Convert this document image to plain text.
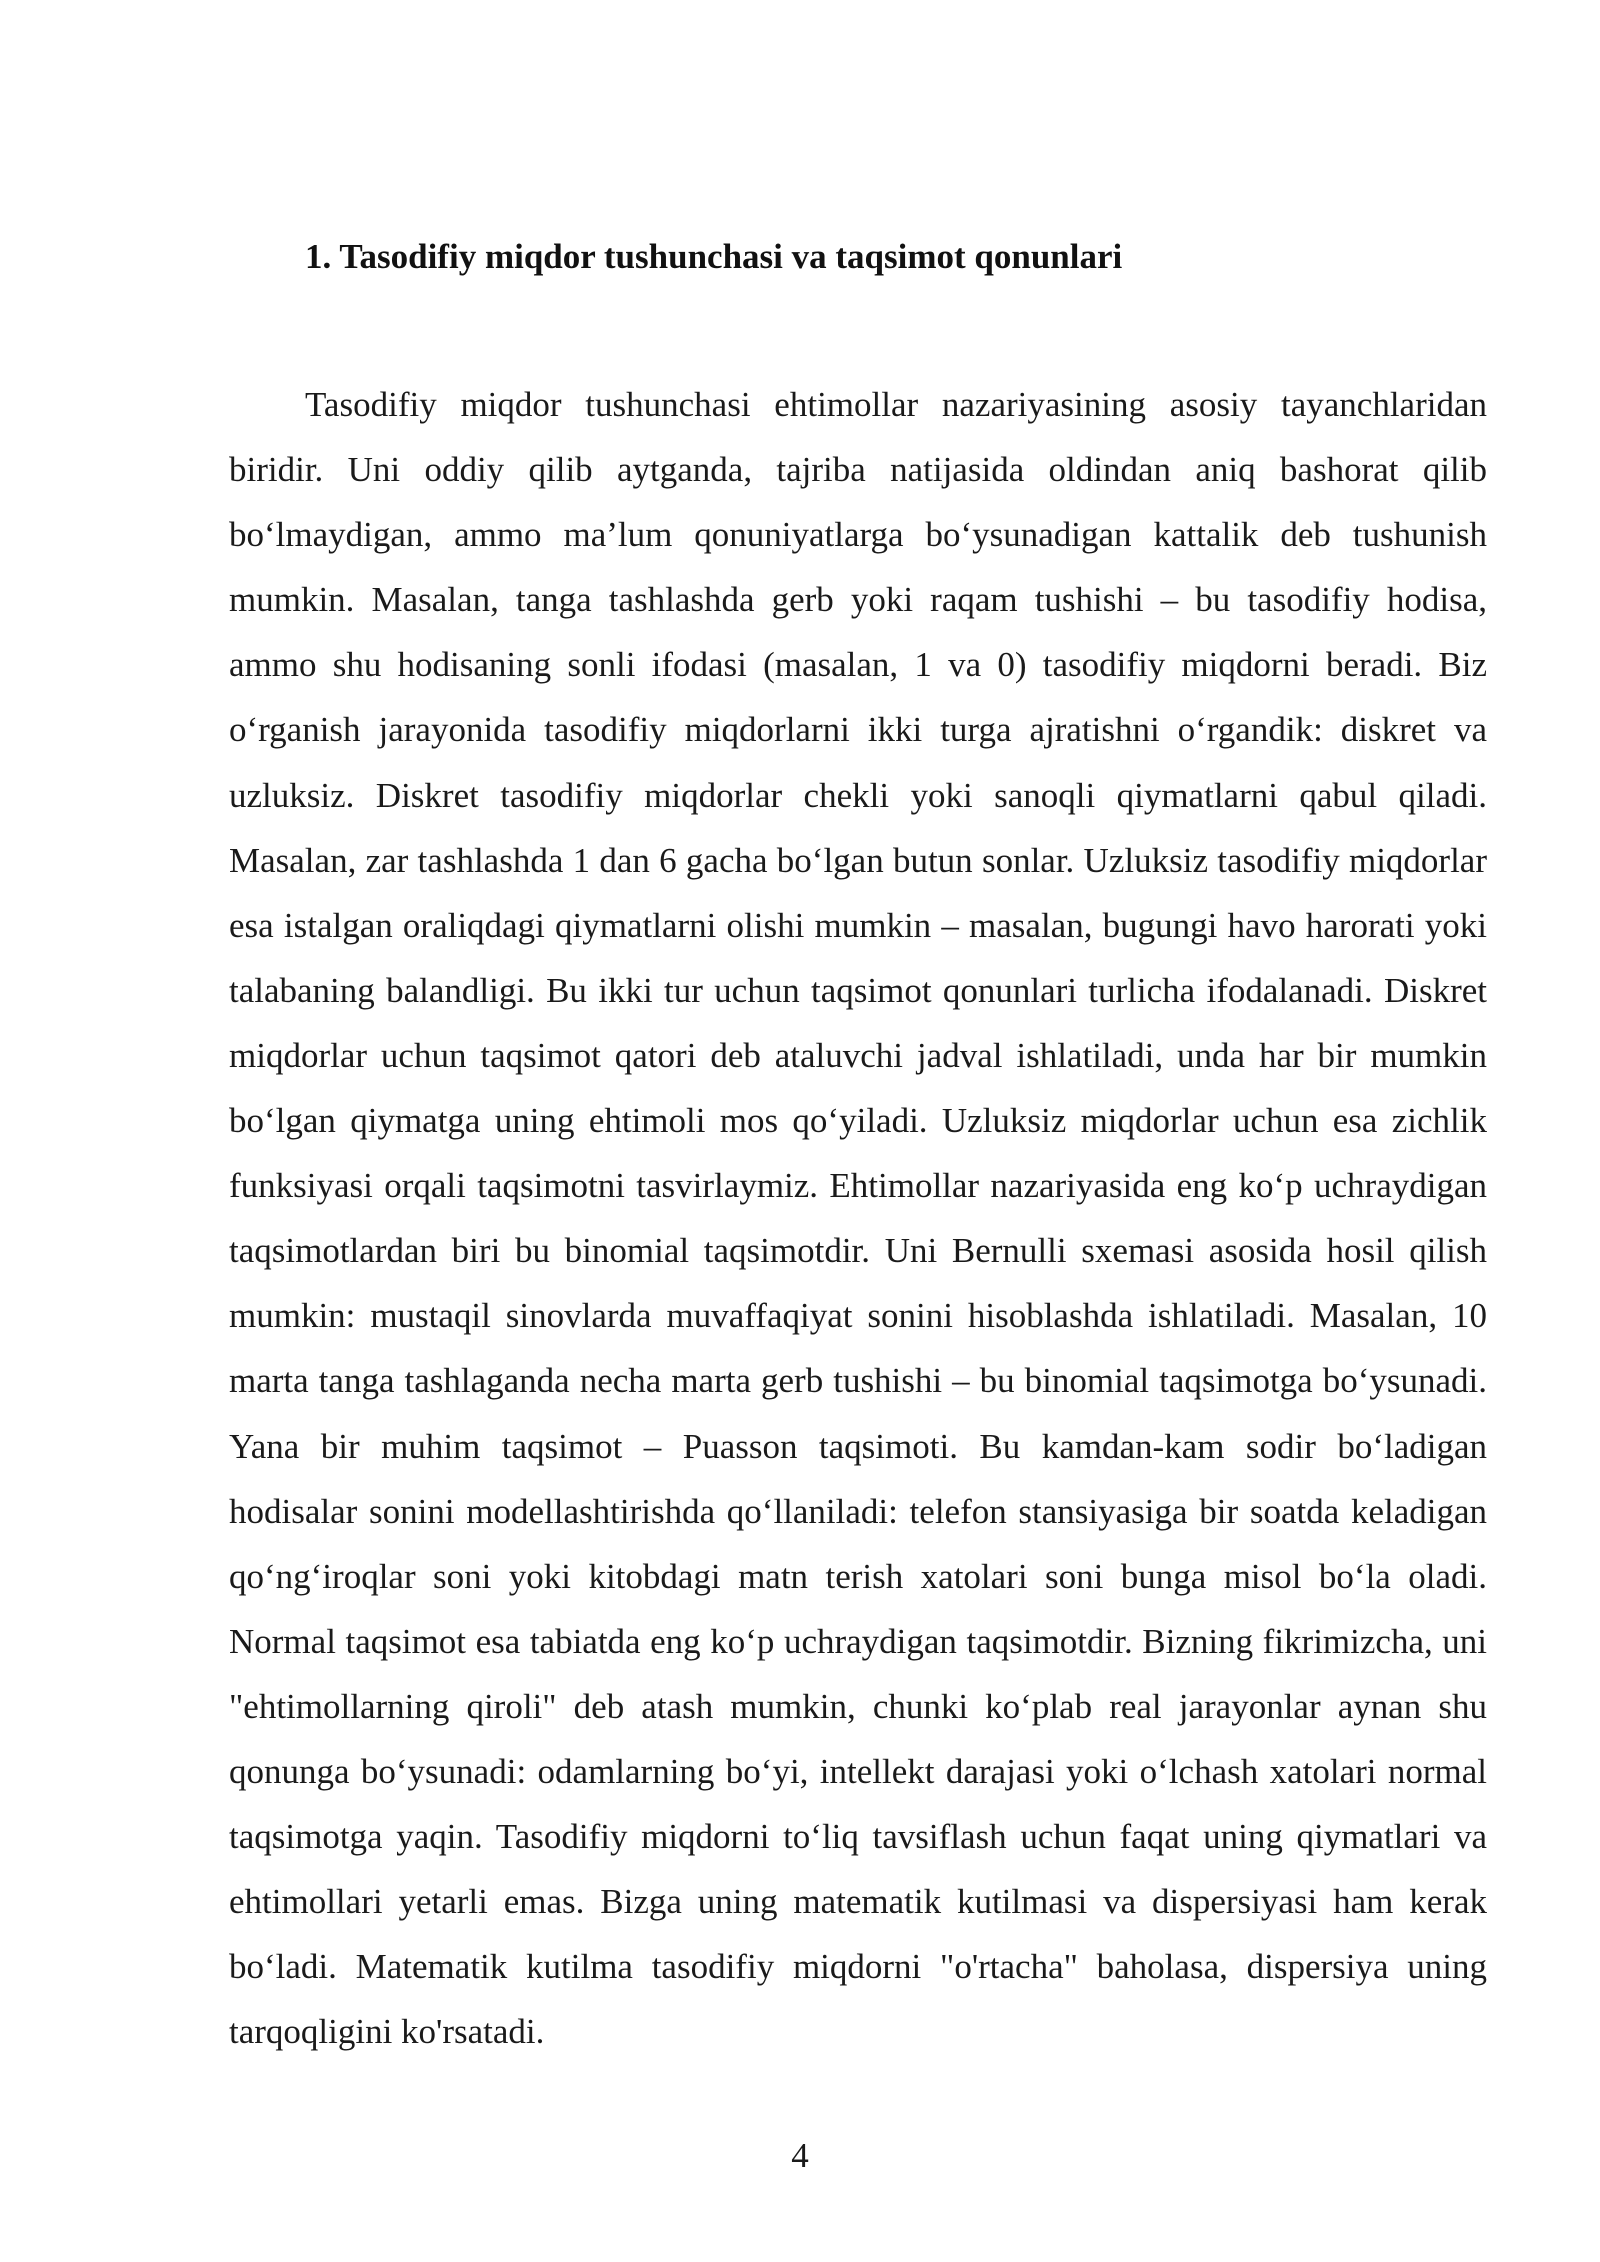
1. Tasodifiy miqdor tushunchasi va taqsimot qonunlari

Tasodifiy miqdor tushunchasi ehtimollar nazariyasining asosiy tayanchlaridan biridir. Uni oddiy qilib aytganda, tajriba natijasida oldindan aniq bashorat qilib bo‘lmaydigan, ammo ma’lum qonuniyatlarga bo‘ysunadigan kattalik deb tushunish mumkin. Masalan, tanga tashlashda gerb yoki raqam tushishi – bu tasodifiy hodisa, ammo shu hodisaning sonli ifodasi (masalan, 1 va 0) tasodifiy miqdorni beradi. Biz o‘rganish jarayonida tasodifiy miqdorlarni ikki turga ajratishni o‘rgandik: diskret va uzluksiz. Diskret tasodifiy miqdorlar chekli yoki sanoqli qiymatlarni qabul qiladi. Masalan, zar tashlashda 1 dan 6 gacha bo‘lgan butun sonlar. Uzluksiz tasodifiy miqdorlar esa istalgan oraliqdagi qiymatlarni olishi mumkin – masalan, bugungi havo harorati yoki talabaning balandligi. Bu ikki tur uchun taqsimot qonunlari turlicha ifodalanadi. Diskret miqdorlar uchun taqsimot qatori deb ataluvchi jadval ishlatiladi, unda har bir mumkin bo‘lgan qiymatga uning ehtimoli mos qo‘yiladi. Uzluksiz miqdorlar uchun esa zichlik funksiyasi orqali taqsimotni tasvirlaymiz. Ehtimollar nazariyasida eng ko‘p uchraydigan taqsimotlardan biri bu binomial taqsimotdir. Uni Bernulli sxemasi asosida hosil qilish mumkin: mustaqil sinovlarda muvaffaqiyat sonini hisoblashda ishlatiladi. Masalan, 10 marta tanga tashlaganda necha marta gerb tushishi – bu binomial taqsimotga bo‘ysunadi. Yana bir muhim taqsimot – Puasson taqsimoti. Bu kamdan-kam sodir bo‘ladigan hodisalar sonini modellashtirishda qo‘llaniladi: telefon stansiyasiga bir soatda keladigan qo‘ng‘iroqlar soni yoki kitobdagi matn terish xatolari soni bunga misol bo‘la oladi. Normal taqsimot esa tabiatda eng ko‘p uchraydigan taqsimotdir. Bizning fikrimizcha, uni "ehtimollarning qiroli" deb atash mumkin, chunki ko‘plab real jarayonlar aynan shu qonunga bo‘ysunadi: odamlarning bo‘yi, intellekt darajasi yoki o‘lchash xatolari normal taqsimotga yaqin. Tasodifiy miqdorni to‘liq tavsiflash uchun faqat uning qiymatlari va ehtimollari yetarli emas. Bizga uning matematik kutilmasi va dispersiyasi ham kerak bo‘ladi. Matematik kutilma tasodifiy miqdorni "o'rtacha" baholasa, dispersiya uning tarqoqligini ko'rsatadi.

4
